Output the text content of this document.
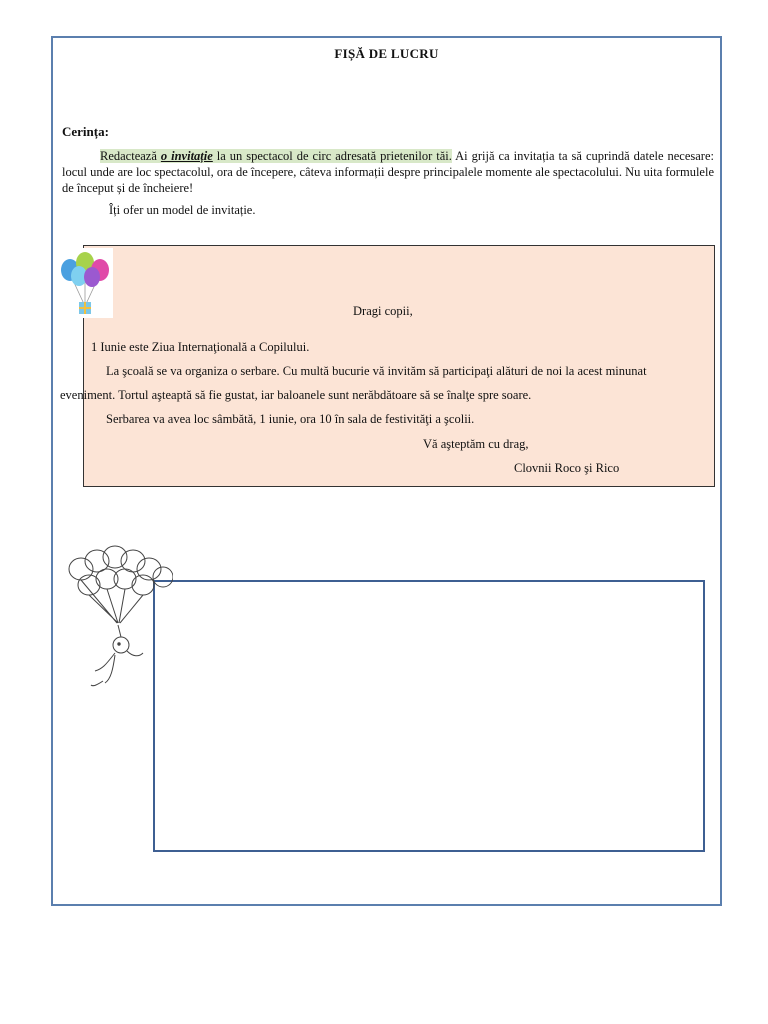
FIȘĂ DE LUCRU
Cerința:
Redactează o invitație la un spectacol de circ adresată prietenilor tăi. Ai grijă ca invitația ta să cuprindă datele necesare: locul unde are loc spectacolul, ora de începere, câteva informații despre principalele momente ale spectacolului. Nu uita formulele de început și de încheiere!
Îți ofer un model de invitație.
Dragi copii,
1 Iunie este Ziua Internaţională a Copilului.
La şcoală se va organiza o serbare. Cu multă bucurie vă invităm să participaţi alături de noi la acest minunat
eveniment. Tortul aşteaptă să fie gustat, iar baloanele sunt nerăbdătoare să se înalţe spre soare.
Serbarea va avea loc sâmbătă, 1 iunie, ora 10 în sala de festivităţi a şcolii.
Vă aşteptăm cu drag,
Clovnii Roco şi Rico
